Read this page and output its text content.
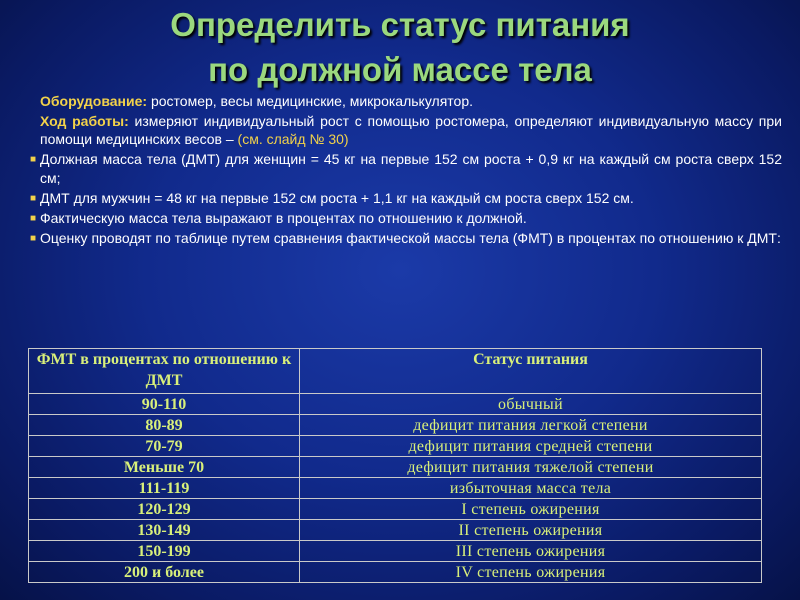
Определить статус питания
по должной массе тела

Оборудование: ростомер, весы медицинские, микрокалькулятор.

Ход работы: измеряют индивидуальный рост с помощью ростомера, определяют индивидуальную массу при помощи медицинских весов – (см. слайд № 30)

■ Должная масса тела (ДМТ) для женщин = 45 кг на первые 152 см роста + 0,9 кг на каждый см роста сверх 152 см;
■ ДМТ для мужчин = 48 кг на первые 152 см роста + 1,1 кг на каждый см роста сверх 152 см.
■ Фактическую масса тела выражают в процентах по отношению к должной.
■ Оценку проводят по таблице путем сравнения фактической массы тела (ФМТ) в процентах по отношению к ДМТ:
ФМТ в процентах по отношению к ДМТ	Статус питания
90-110	обычный
80-89	дефицит питания легкой степени
70-79	дефицит питания средней степени
Меньше 70	дефицит питания тяжелой степени
111-119	избыточная масса тела
120-129	I степень ожирения
130-149	II степень ожирения
150-199	III степень ожирения
200 и более	IV степень ожирения
